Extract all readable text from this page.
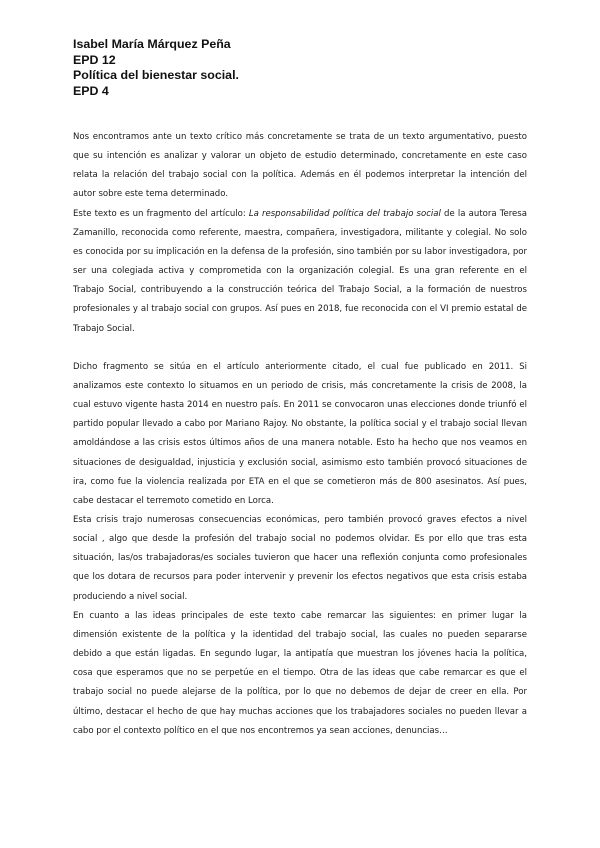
Isabel María Márquez Peña
EPD 12
Política del bienestar social.
EPD 4

Nos encontramos ante un texto crítico más concretamente se trata de un texto argumentativo, puesto que su intención es analizar y valorar un objeto de estudio determinado, concretamente en este caso relata la relación del trabajo social con la política. Además en él podemos interpretar la intención del autor sobre este tema determinado.

Este texto es un fragmento del artículo: La responsabilidad política del trabajo social de la autora Teresa Zamanillo, reconocida como referente, maestra, compañera, investigadora, militante y colegial. No solo es conocida por su implicación en la defensa de la profesión, sino también por su labor investigadora, por ser una colegiada activa y comprometida con la organización colegial. Es una gran referente en el Trabajo Social, contribuyendo a la construcción teórica del Trabajo Social, a la formación de nuestros profesionales y al trabajo social con grupos. Así pues en 2018, fue reconocida con el VI premio estatal de Trabajo Social.

Dicho fragmento se sitúa en el artículo anteriormente citado, el cual fue publicado en 2011. Si analizamos este contexto lo situamos en un periodo de crisis, más concretamente la crisis de 2008, la cual estuvo vigente hasta 2014 en nuestro país. En 2011 se convocaron unas elecciones donde triunfó el partido popular llevado a cabo por Mariano Rajoy. No obstante, la política social y el trabajo social llevan amoldándose a las crisis estos últimos años de una manera notable. Esto ha hecho que nos veamos en situaciones de desigualdad, injusticia y exclusión social, asimismo esto también provocó situaciones de ira, como fue la violencia realizada por ETA en el que se cometieron más de 800 asesinatos. Así pues, cabe destacar el terremoto cometido en Lorca.

Esta crisis trajo numerosas consecuencias económicas, pero también provocó graves efectos a nivel social , algo que desde la profesión del trabajo social no podemos olvidar. Es por ello que tras esta situación, las/os trabajadoras/es sociales tuvieron que hacer una reflexión conjunta como profesionales que los dotara de recursos para poder intervenir y prevenir los efectos negativos que esta crisis estaba produciendo a nivel social.

En cuanto a las ideas principales de este texto cabe remarcar las siguientes: en primer lugar la dimensión existente de la política y la identidad del trabajo social, las cuales no pueden separarse debido a que están ligadas. En segundo lugar, la antipatía que muestran los jóvenes hacia la política, cosa que esperamos que no se perpetúe en el tiempo. Otra de las ideas que cabe remarcar es que el trabajo social no puede alejarse de la política, por lo que no debemos de dejar de creer en ella. Por último, destacar el hecho de que hay muchas acciones que los trabajadores sociales no pueden llevar a cabo por el contexto político en el que nos encontremos ya sean acciones, denuncias…
